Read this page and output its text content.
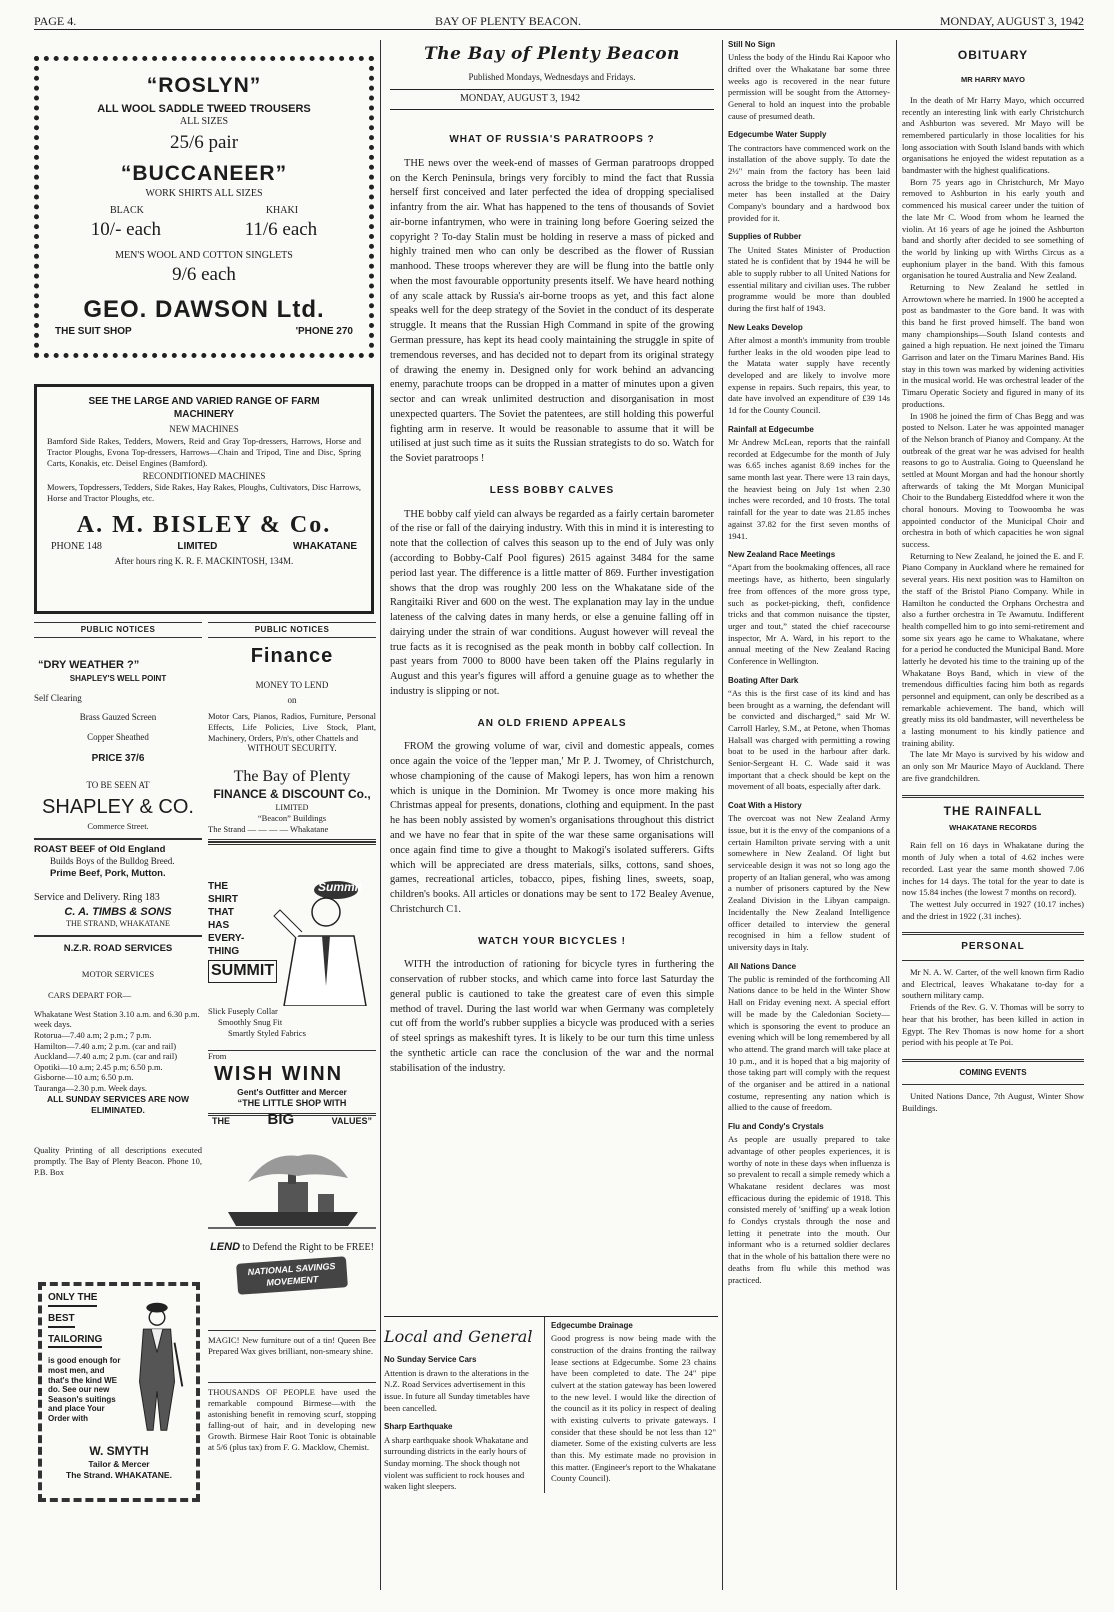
PAGE 4.	BAY OF PLENTY BEACON.	MONDAY, AUGUST 3, 1942
“ROSLYN”
ALL WOOL SADDLE TWEED TROUSERS
ALL SIZES
25/6 pair
“BUCCANEER”
WORK SHIRTS ALL SIZES
BLACK	KHAKI
10/- each	11/6 each
MEN'S WOOL AND COTTON SINGLETS
9/6 each
GEO. DAWSON Ltd.
THE SUIT SHOP	'PHONE 270
SEE THE LARGE AND VARIED RANGE OF FARM MACHINERY
NEW MACHINES
Bamford Side Rakes, Tedders, Mowers, Reid and Gray Top-dressers, Harrows, Horse and Tractor Ploughs, Evona Top-dressers, Harrows—Chain and Tripod, Tine and Disc, Spring Carts, Konakis, etc. Deisel Engines (Bamford).
RECONDITIONED MACHINES
Mowers, Topdressers, Tedders, Side Rakes, Hay Rakes, Ploughs, Cultivators, Disc Harrows, Horse and Tractor Ploughs, etc.
A. M. BISLEY & Co.
PHONE 148	LIMITED	WHAKATANE
After hours ring K. R. F. MACKINTOSH, 134M.
PUBLIC NOTICES
“DRY WEATHER ?”
SHAPLEY'S WELL POINT
Self Clearing
Brass Gauzed Screen
Copper Sheathed
PRICE 37/6
TO BE SEEN AT
SHAPLEY & CO.
Commerce Street.
ROAST BEEF of Old England
Builds Boys of the Bulldog Breed.
Prime Beef, Pork, Mutton.
Service and Delivery. Ring 183
C. A. TIMBS & SONS
THE STRAND, WHAKATANE
N.Z.R. ROAD SERVICES
MOTOR SERVICES
CARS DEPART FOR—
Whakatane West Station 3.10 a.m. and 6.30 p.m. week days.
Rotorua—7.40 a.m; 2 p.m.; 7 p.m.
Hamilton—7.40 a.m; 2 p.m. (car and rail)
Auckland—7.40 a.m; 2 p.m. (car and rail)
Opotiki—10 a.m; 2.45 p.m; 6.50 p.m.
Gisborne—10 a.m; 6.50 p.m.
Tauranga—2.30 p.m. Week days.
ALL SUNDAY SERVICES ARE NOW ELIMINATED.
Quality Printing of all descriptions executed promptly. The Bay of Plenty Beacon. Phone 10, P.B. Box
ONLY THE BEST TAILORING
is good enough for most men, and that's the kind WE do. See our new Season's suitings and place Your Order with
W. SMYTH
Tailor & Mercer
The Strand. WHAKATANE.
PUBLIC NOTICES
Finance
MONEY TO LEND
on
Motor Cars, Pianos, Radios, Furniture, Personal Effects, Life Policies, Live Stock, Plant, Machinery, Orders, P/n's, other Chattels and
WITHOUT SECURITY.
The Bay of Plenty
FINANCE & DISCOUNT Co.,
LIMITED
“Beacon” Buildings
The Strand — — — — Whakatane
THE
SHIRT
THAT
HAS
EVERY-
THING
SUMMIT
Summit
Slick Fuseply Collar
Smoothly Snug Fit
Smartly Styled Fabrics
From
WISH WINN
Gent's Outfitter and Mercer
“THE LITTLE SHOP WITH
THE BIG	VALUES”
LEND to Defend the Right to be FREE!
NATIONAL SAVINGS MOVEMENT
MAGIC! New furniture out of a tin! Queen Bee Prepared Wax gives brilliant, non-smeary shine.
THOUSANDS OF PEOPLE have used the remarkable compound Birmese—with the astonishing benefit in removing scurf, stopping falling-out of hair, and in developing new Growth. Birmese Hair Root Tonic is obtainable at 5/6 (plus tax) from F. G. Macklow, Chemist.
The Bay of Plenty Beacon
Published Mondays, Wednesdays and Fridays.
MONDAY, AUGUST 3, 1942
WHAT OF RUSSIA'S PARATROOPS ?

THE news over the week-end of masses of German paratroops dropped on the Kerch Peninsula, brings very forcibly to mind the fact that Russia herself first conceived and later perfected the idea of dropping specialised infantry from the air. What has happened to the tens of thousands of Soviet air-borne infantrymen, who were in training long before Goering seized the copyright ? To-day Stalin must be holding in reserve a mass of picked and highly trained men who can only be described as the flower of Russian manhood. These troops wherever they are will be flung into the battle only when the most favourable opportunity presents itself. We have heard nothing of any scale attack by Russia's air-borne troops as yet, and this fact alone speaks well for the deep strategy of the Soviet in the conduct of its desperate struggle. It means that the Russian High Command in spite of the growing German pressure, has kept its head cooly maintaining the struggle in spite of tremendous reverses, and has decided not to depart from its original strategy of drawing the enemy in. Designed only for work behind an advancing enemy, parachute troops can be dropped in a matter of minutes upon a given sector and can wreak unlimited destruction and disorganisation in most unexpected quarters. The Soviet the patentees, are still holding this powerful fighting arm in reserve. It would be reasonable to assume that it will be utilised at just such time as it suits the Russian strategists to do so. Watch for the Soviet paratroops !

LESS BOBBY CALVES

THE bobby calf yield can always be regarded as a fairly certain barometer of the rise or fall of the dairying industry. With this in mind it is interesting to note that the collection of calves this season up to the end of July was only (according to Bobby-Calf Pool figures) 2615 against 3484 for the same period last year. The difference is a little matter of 869. Further investigation shows that the drop was roughly 200 less on the Whakatane side of the Rangitaiki River and 600 on the west. The explanation may lay in the undue lateness of the calving dates in many herds, or else a genuine falling off in dairying under the strain of war conditions. August however will reveal the true facts as it is recognised as the peak month in bobby calf collection. In past years from 7000 to 8000 have been taken off the Plains regularly in August and this year's figures will afford a genuine guage as to whether the industry is slipping or not.

AN OLD FRIEND APPEALS

FROM the growing volume of war, civil and domestic appeals, comes once again the voice of the 'lepper man,' Mr P. J. Twomey, of Christchurch, whose championing of the cause of Makogi lepers, has won him a renown which is unique in the Dominion. Mr Twomey is once more making his Christmas appeal for presents, donations, clothing and equipment. In the past he has been nobly assisted by women's organisations throughout this district and we have no fear that in spite of the war these same organisations will once again find time to give a thought to Makogi's isolated sufferers. Gifts which will be appreciated are dress materials, silks, cottons, sand shoes, games, recreational articles, tobacco, pipes, fishing lines, sweets, soap, children's books. All articles or donations may be sent to 172 Bealey Avenue, Christchurch C1.

WATCH YOUR BICYCLES !

WITH the introduction of rationing for bicycle tyres in furthering the conservation of rubber stocks, and which came into force last Saturday the general public is cautioned to take the greatest care of even this simple method of travel. During the last world war when Germany was completely cut off from the world's rubber supplies a bicycle was produced with a series of steel springs as makeshift tyres. It is likely to be our turn this time unless the synthetic article can race the conclusion of the war and the normal stabilisation of the industry.

Local and General
No Sunday Service Cars

Attention is drawn to the alterations in the N.Z. Road Services advertisement in this issue. In future all Sunday timetables have been cancelled.

Sharp Earthquake

A sharp earthquake shook Whakatane and surrounding districts in the early hours of Sunday morning. The shock though not violent was sufficient to rock houses and waken light sleepers.

Edgecumbe Drainage

Good progress is now being made with the construction of the drains fronting the railway lease sections at Edgecumbe. Some 23 chains have been completed to date. The 24" pipe culvert at the station gateway has been lowered to the new level. I would like the direction of the council as it its policy in respect of dealing with existing culverts to private gateways. I consider that these should be not less than 12" diameter. Some of the existing culverts are less than this. My estimate made no provision in this matter. (Engineer's report to the Whakatane County Council).

Still No Sign

Unless the body of the Hindu Rai Kapoor who drifted over the Whakatane bar some three weeks ago is recovered in the near future permission will be sought from the Attorney-General to hold an inquest into the probable cause of presumed death.

Edgecumbe Water Supply

The contractors have commenced work on the installation of the above supply. To date the 2½" main from the factory has been laid across the bridge to the township. The master meter has been installed at the Dairy Company's boundary and a hardwood box provided for it.

Supplies of Rubber

The United States Minister of Production stated he is confident that by 1944 he will be able to supply rubber to all United Nations for essential military and civilian uses. The rubber programme would be more than doubled during the first half of 1943.

New Leaks Develop

After almost a month's immunity from trouble further leaks in the old wooden pipe lead to the Matata water supply have recently developed and are likely to involve more expense in repairs. Such repairs, this year, to date have involved an expenditure of £39 14s 1d for the County Council.

Rainfall at Edgecumbe

Mr Andrew McLean, reports that the rainfall recorded at Edgecumbe for the month of July was 6.65 inches aganist 8.69 inches for the same month last year. There were 13 rain days, the heaviest being on July 1st when 2.30 inches were recorded, and 10 frosts. The total rainfall for the year to date was 21.85 inches against 37.82 for the first seven months of 1941.

New Zealand Race Meetings

“Apart from the bookmaking offences, all race meetings have, as hitherto, been singularly free from offences of the more gross type, such as pocket-picking, theft, confidence tricks and that common nuisance the tipster, urger and tout,” stated the chief racecourse inspector, Mr A. Ward, in his report to the annual meeting of the New Zealand Racing Conference in Wellington.

Boating After Dark

“As this is the first case of its kind and has been brought as a warning, the defendant will be convicted and discharged,” said Mr W. Carroll Harley, S.M., at Petone, when Thomas Halsall was charged with permitting a rowing boat to be used in the harbour after dark. Senior-Sergeant H. C. Wade said it was important that a check should be kept on the movement of all boats, especially after dark.

Coat With a History

The overcoat was not New Zealand Army issue, but it is the envy of the companions of a certain Hamilton private serving with a unit somewhere in New Zealand. Of light but serviceable design it was not so long ago the property of an Italian general, who was among a number of prisoners captured by the New Zealand Division in the Libyan campaign. Incidentally the New Zealand Intelligence officer detailed to interview the general recognised in him a fellow student of university days in Italy.

All Nations Dance

The public is reminded of the forthcoming All Nations dance to be held in the Winter Show Hall on Friday evening next. A special effort will be made by the Caledonian Society—which is sponsoring the event to produce an evening which will be long remembered by all who attend. The grand march will take place at 10 p.m., and it is hoped that a big majority of those taking part will comply with the request of the organiser and be attired in a national costume, representing any nation which is allied to the cause of freedom.

Flu and Condy's Crystals

As people are usually prepared to take advantage of other peoples experiences, it is worthy of note in these days when influenza is so prevalent to recall a simple remedy which a Whakatane resident declares was most efficacious during the epidemic of 1918. This consisted merely of 'sniffing' up a weak lotion fo Condys crystals through the nose and letting it penetrate into the mouth. Our informant who is a returned soldier declares that in the whole of his battalion there were no deaths from flu while this method was practiced.

OBITUARY
MR HARRY MAYO

In the death of Mr Harry Mayo, which occurred recently an interesting link with early Christchurch and Ashburton was severed. Mr Mayo will be remembered particularly in those localities for his long association with South Island bands with which organisations he enjoyed the widest reputation as a bandmaster with the highest qualifications.

Born 75 years ago in Christchurch, Mr Mayo removed to Ashburton in his early youth and commenced his musical career under the tuition of the late Mr C. Wood from whom he learned the violin. At 16 years of age he joined the Ashburton band and shortly after decided to see something of the world by linking up with Wirths Circus as a euphonium player in the band. With this famous organisation he toured Australia and New Zealand.

Returning to New Zealand he settled in Arrowtown where he married. In 1900 he accepted a post as bandmaster to the Gore band. It was with this band he first proved himself. The band won many championships—South Island contests and gained a high repuation. He next joined the Timaru Garrison and later on the Timaru Marines Band. His stay in this town was marked by widening activities in the musical world. He was orchestral leader of the Timaru Operatic Society and figured in many of its productions.

In 1908 he joined the firm of Chas Begg and was posted to Nelson. Later he was appointed manager of the Nelson branch of Pianoy and Company. At the outbreak of the great war he was advised for health reasons to go to Australia. Going to Queensland he settled at Mount Morgan and had the honour shortly afterwards of taking the Mt Morgan Municipal Choir to the Bundaberg Eisteddfod where it won the choral honours. Moving to Toowoomba he was appointed conductor of the Municipal Choir and orchestra in both of which capacities he won signal success.

Returning to New Zealand, he joined the E. and F. Piano Company in Auckland where he remained for several years. His next position was to Hamilton on the staff of the Bristol Piano Company. While in Hamilton he conducted the Orphans Orchestra and also a further orchestra in Te Awamutu. Indifferent health compelled him to go into semi-retirement and some six years ago he came to Whakatane, where for a period he conducted the Municipal Band. More latterly he devoted his time to the training up of the Whakatane Boys Band, which in view of the tremendous difficulties facing him both as regards personnel and equipment, can only be described as a remarkable achievement. The band, which will greatly miss its old bandmaster, will nevertheless be a lasting monument to his kindly patience and training ability.

The late Mr Mayo is survived by his widow and an only son Mr Maurice Mayo of Auckland. There are five grandchildren.

THE RAINFALL
WHAKATANE RECORDS

Rain fell on 16 days in Whakatane during the month of July when a total of 4.62 inches were recorded. Last year the same month showed 7.06 inches for 14 days. The total for the year to date is now 15.84 inches (the lowest 7 months on record).

The wettest July occurred in 1927 (10.17 inches) and the driest in 1922 (.31 inches).

PERSONAL

Mr N. A. W. Carter, of the well known firm Radio and Electrical, leaves Whakatane to-day for a southern military camp.

Friends of the Rev. G. V. Thomas will be sorry to hear that his brother, has been killed in action in Egypt. The Rev Thomas is now home for a short period with his people at Te Poi.

COMING EVENTS

United Nations Dance, 7th August, Winter Show Buildings.
